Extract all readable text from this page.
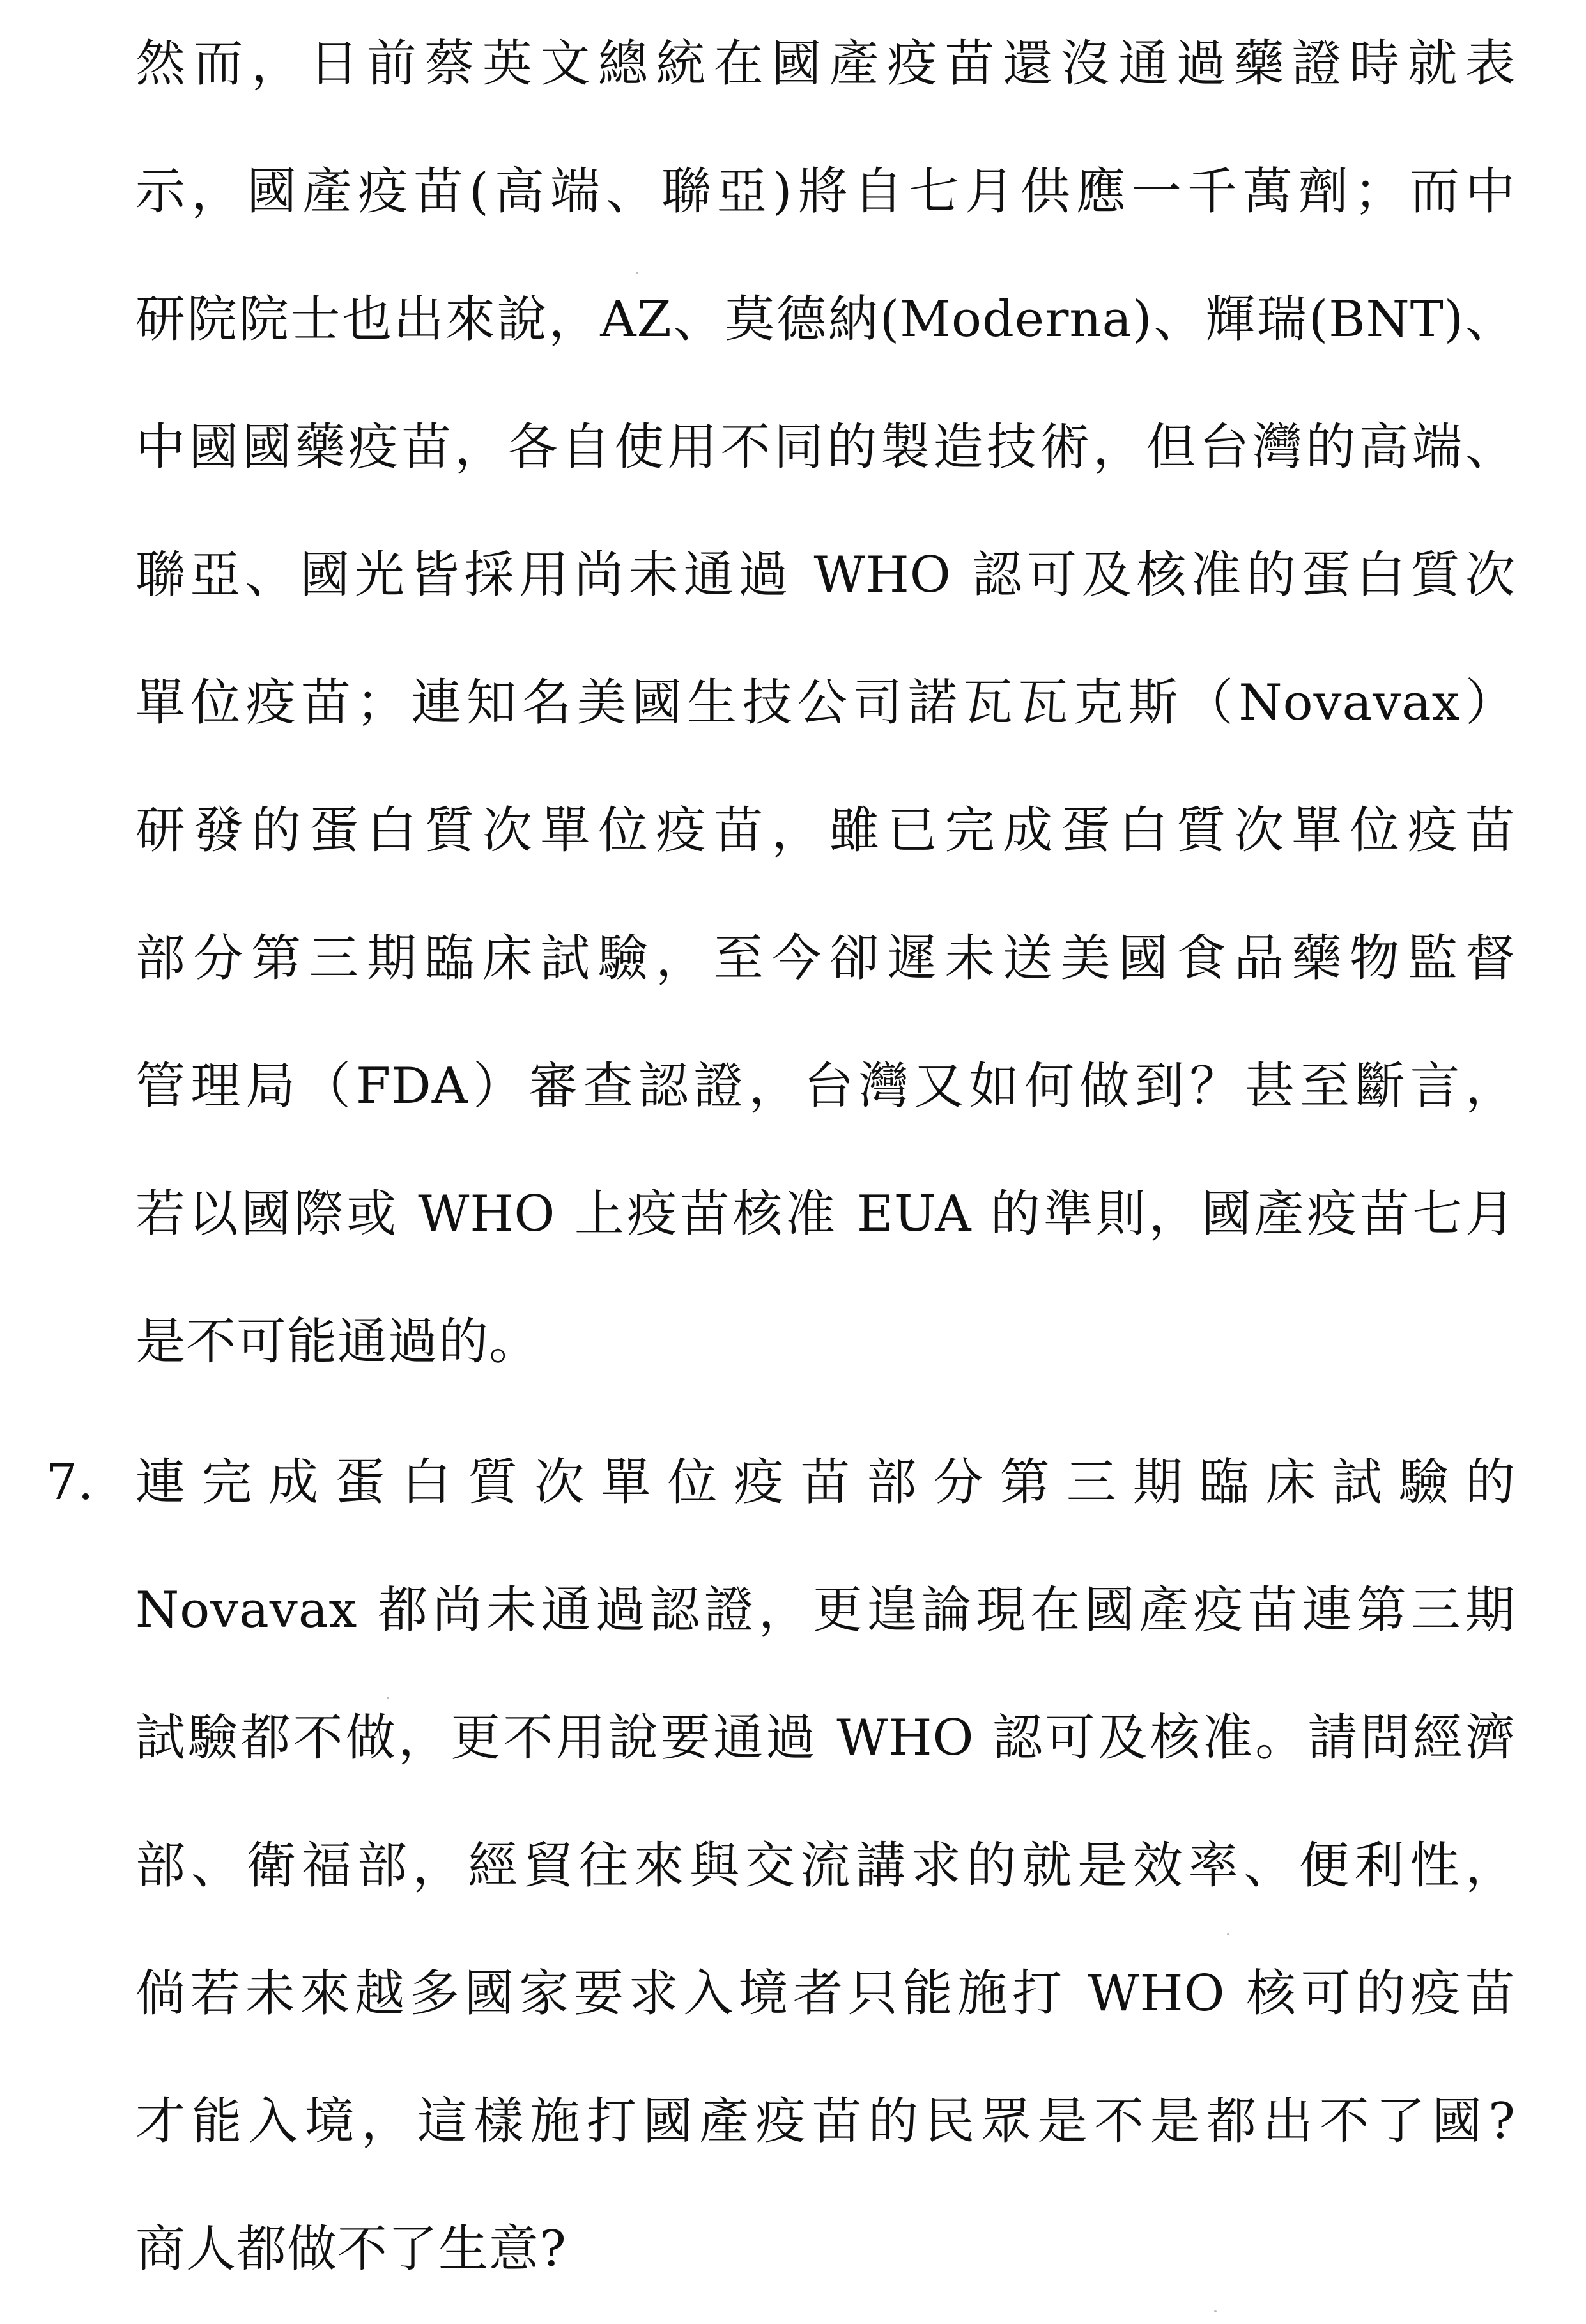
然而，日前蔡英文總統在國產疫苗還沒通過藥證時就表
示，國產疫苗(高端、聯亞)將自七月供應一千萬劑；而中
研院院士也出來說，AZ、莫德納(Moderna)、輝瑞(BNT)、
中國國藥疫苗，各自使用不同的製造技術，但台灣的高端、
聯亞、國光皆採用尚未通過 WHO 認可及核准的蛋白質次
單位疫苗；連知名美國生技公司諾瓦瓦克斯（Novavax）
研發的蛋白質次單位疫苗，雖已完成蛋白質次單位疫苗
部分第三期臨床試驗，至今卻遲未送美國食品藥物監督
管理局（FDA）審查認證，台灣又如何做到？甚至斷言，
若以國際或 WHO 上疫苗核准 EUA 的準則，國產疫苗七月
是不可能通過的。
7. 連完成蛋白質次單位疫苗部分第三期臨床試驗的
Novavax 都尚未通過認證，更遑論現在國產疫苗連第三期
試驗都不做，更不用說要通過 WHO 認可及核准。請問經濟
部、衛福部，經貿往來與交流講求的就是效率、便利性，
倘若未來越多國家要求入境者只能施打 WHO 核可的疫苗
才能入境，這樣施打國產疫苗的民眾是不是都出不了國?
商人都做不了生意?
